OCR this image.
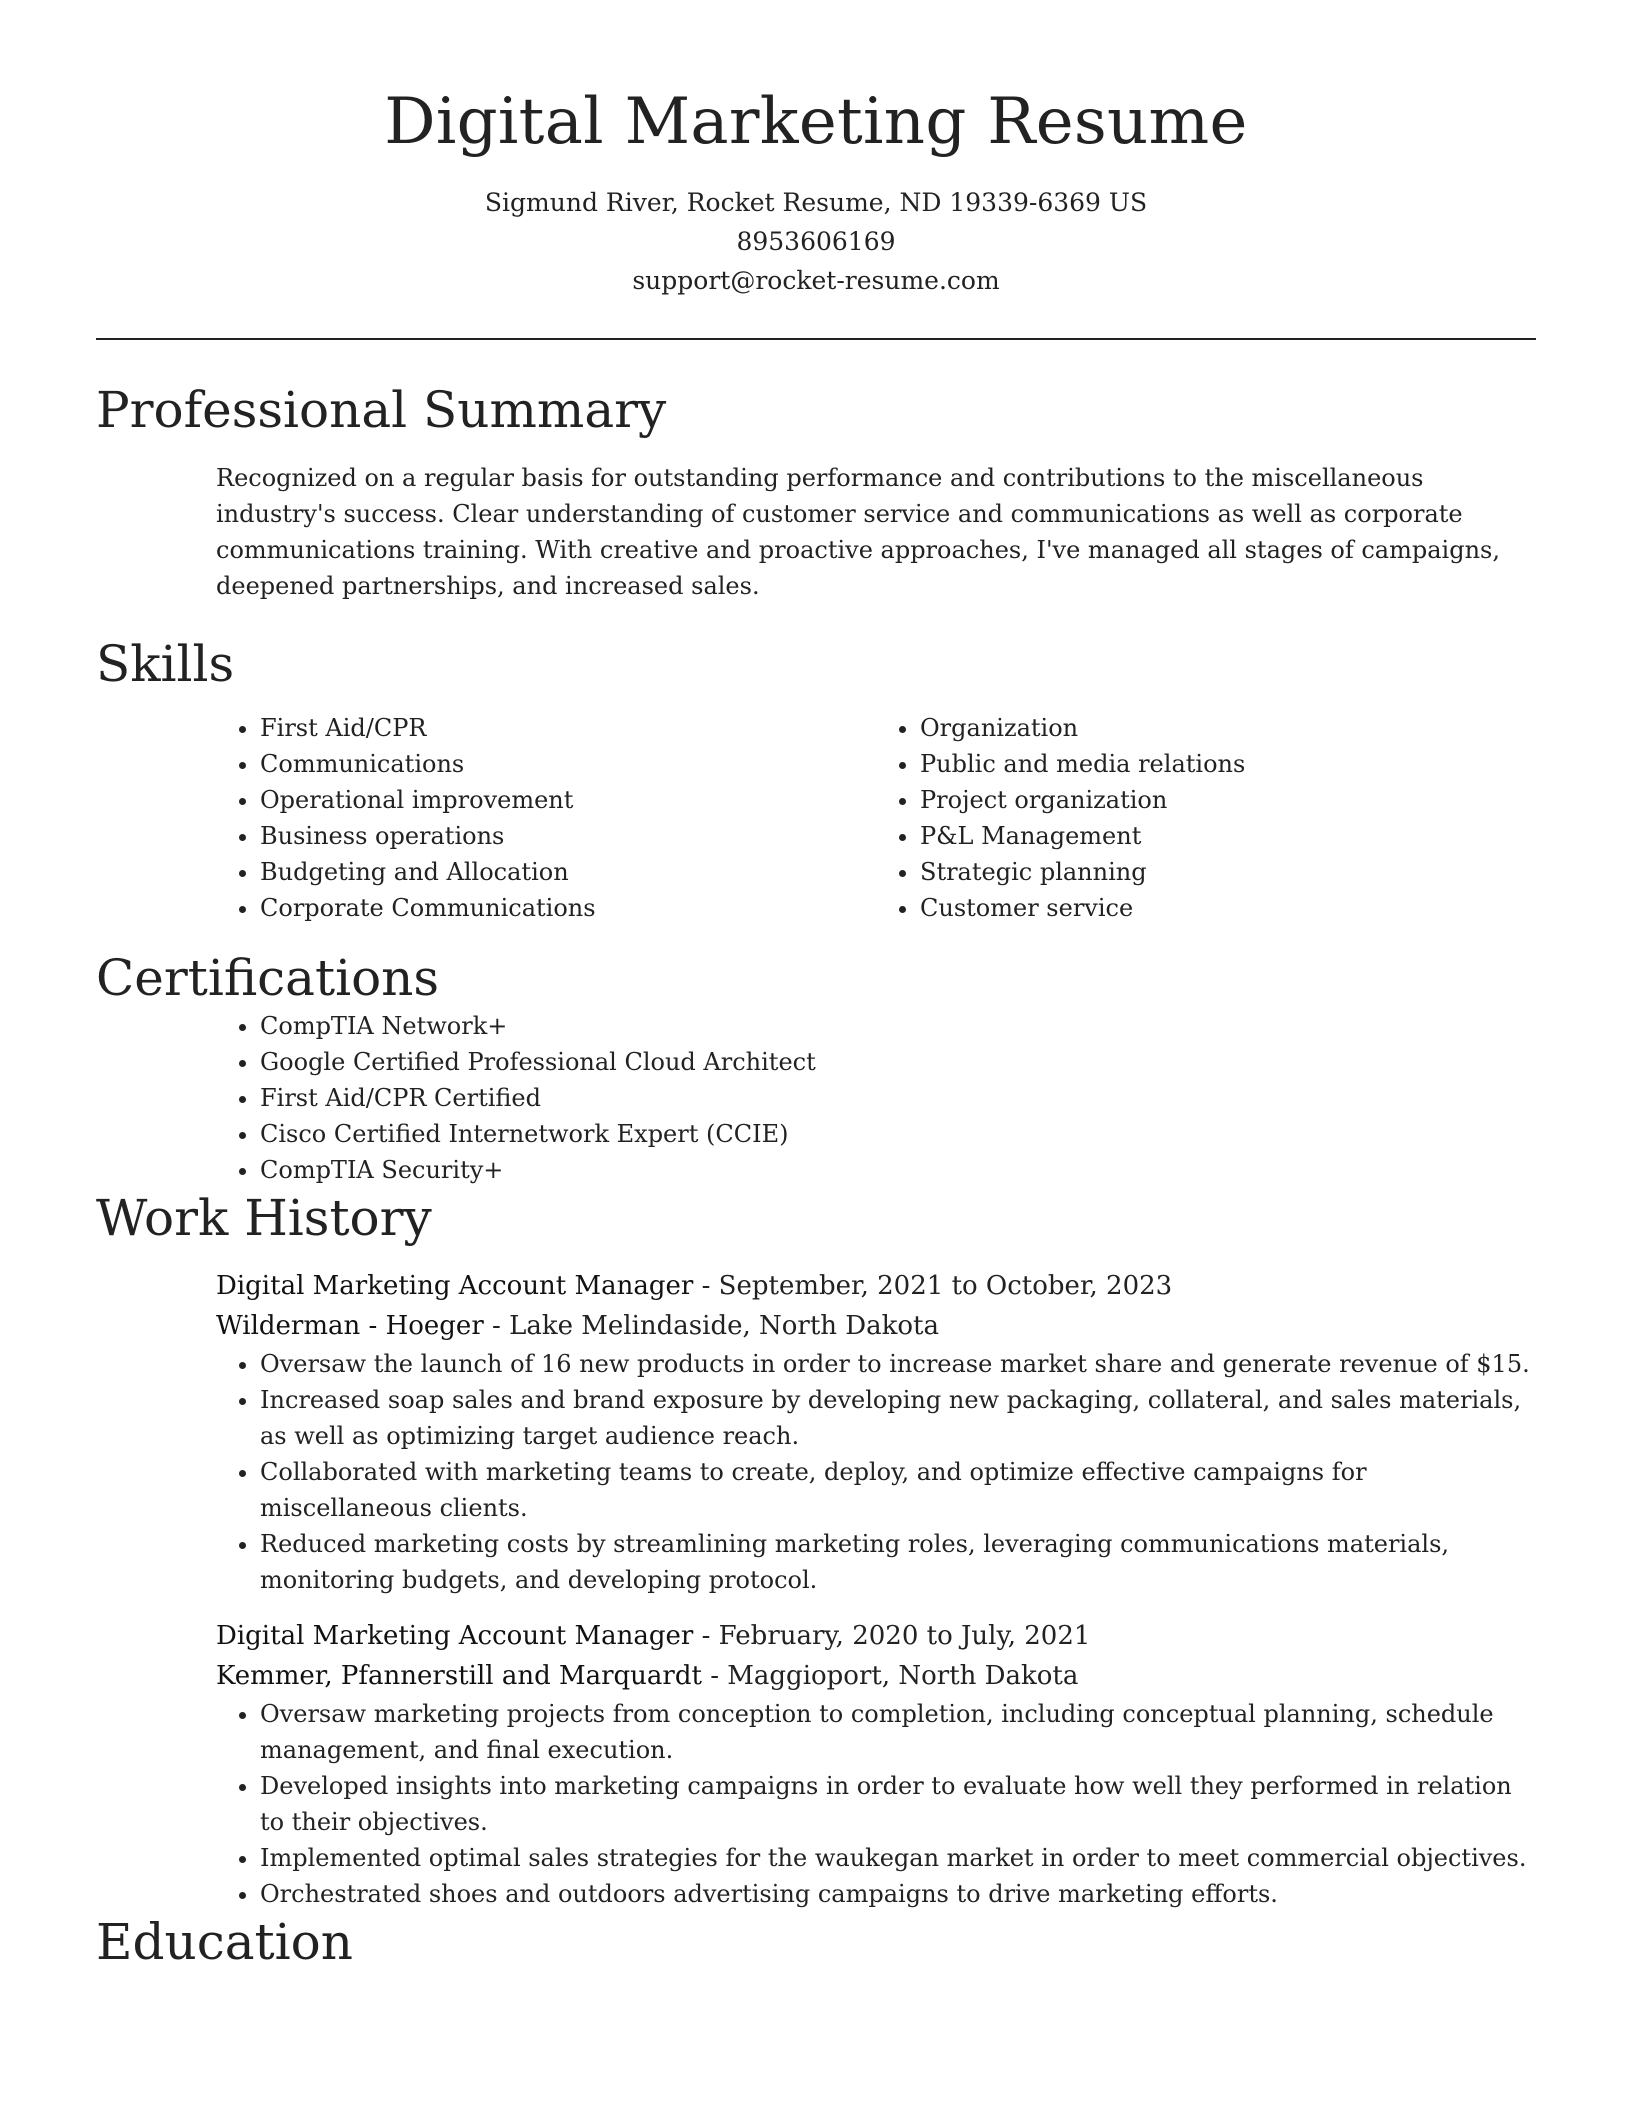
Digital Marketing Resume
Sigmund River, Rocket Resume, ND 19339-6369 US
8953606169
support@rocket-resume.com
Professional Summary

Recognized on a regular basis for outstanding performance and contributions to the miscellaneous industry's success. Clear understanding of customer service and communications as well as corporate communications training. With creative and proactive approaches, I've managed all stages of campaigns, deepened partnerships, and increased sales.

Skills
• First Aid/CPR
• Communications
• Operational improvement
• Business operations
• Budgeting and Allocation
• Corporate Communications
• Organization
• Public and media relations
• Project organization
• P&L Management
• Strategic planning
• Customer service
Certifications
• CompTIA Network+
• Google Certified Professional Cloud Architect
• First Aid/CPR Certified
• Cisco Certified Internetwork Expert (CCIE)
• CompTIA Security+
Work History
Digital Marketing Account Manager - September, 2021 to October, 2023
Wilderman - Hoeger - Lake Melindaside, North Dakota
• Oversaw the launch of 16 new products in order to increase market share and generate revenue of $15.
• Increased soap sales and brand exposure by developing new packaging, collateral, and sales materials, as well as optimizing target audience reach.
• Collaborated with marketing teams to create, deploy, and optimize effective campaigns for miscellaneous clients.
• Reduced marketing costs by streamlining marketing roles, leveraging communications materials, monitoring budgets, and developing protocol.
Digital Marketing Account Manager - February, 2020 to July, 2021
Kemmer, Pfannerstill and Marquardt - Maggioport, North Dakota
• Oversaw marketing projects from conception to completion, including conceptual planning, schedule management, and final execution.
• Developed insights into marketing campaigns in order to evaluate how well they performed in relation to their objectives.
• Implemented optimal sales strategies for the waukegan market in order to meet commercial objectives.
• Orchestrated shoes and outdoors advertising campaigns to drive marketing efforts.
Education
